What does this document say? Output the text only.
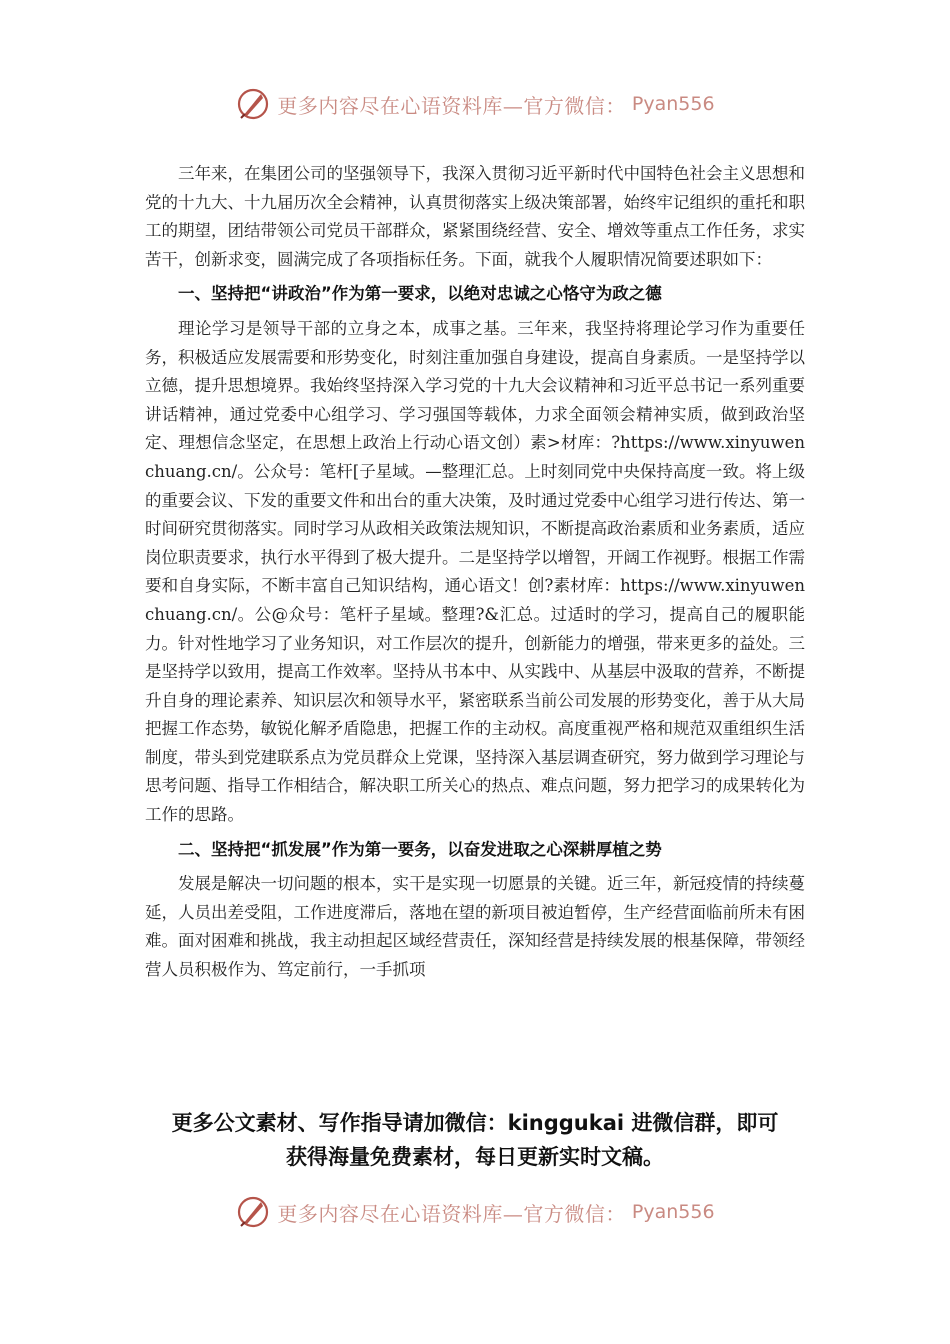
更多内容尽在心语资料库—官方微信： Pyan556

三年来，在集团公司的坚强领导下，我深入贯彻习近平新时代中国特色社会主义思想和党的十九大、十九届历次全会精神，认真贯彻落实上级决策部署，始终牢记组织的重托和职工的期望，团结带领公司党员干部群众，紧紧围绕经营、安全、增效等重点工作任务，求实苦干，创新求变，圆满完成了各项指标任务。下面，就我个人履职情况简要述职如下：

一、坚持把“讲政治”作为第一要求，以绝对忠诚之心恪守为政之德

理论学习是领导干部的立身之本，成事之基。三年来，我坚持将理论学习作为重要任务，积极适应发展需要和形势变化，时刻注重加强自身建设，提高自身素质。一是坚持学以立德，提升思想境界。我始终坚持深入学习党的十九大会议精神和习近平总书记一系列重要讲话精神，通过党委中心组学习、学习强国等载体，力求全面领会精神实质，做到政治坚定、理想信念坚定，在思想上政治上行动心语文创）素>材库：?https://www.xinyuwenchuang.cn/。公众号：笔杆[子星域。—整理汇总。上时刻同党中央保持高度一致。将上级的重要会议、下发的重要文件和出台的重大决策，及时通过党委中心组学习进行传达、第一时间研究贯彻落实。同时学习从政相关政策法规知识，不断提高政治素质和业务素质，适应岗位职责要求，执行水平得到了极大提升。二是坚持学以增智，开阔工作视野。根据工作需要和自身实际，不断丰富自己知识结构，通心语文！创?素材库：https://www.xinyuwenchuang.cn/。公@众号：笔杆子星域。整理?&汇总。过适时的学习，提高自己的履职能力。针对性地学习了业务知识，对工作层次的提升，创新能力的增强，带来更多的益处。三是坚持学以致用，提高工作效率。坚持从书本中、从实践中、从基层中汲取的营养，不断提升自身的理论素养、知识层次和领导水平，紧密联系当前公司发展的形势变化，善于从大局把握工作态势，敏锐化解矛盾隐患，把握工作的主动权。高度重视严格和规范双重组织生活制度，带头到党建联系点为党员群众上党课，坚持深入基层调查研究，努力做到学习理论与思考问题、指导工作相结合，解决职工所关心的热点、难点问题，努力把学习的成果转化为工作的思路。

二、坚持把“抓发展”作为第一要务，以奋发进取之心深耕厚植之势

发展是解决一切问题的根本，实干是实现一切愿景的关键。近三年，新冠疫情的持续蔓延，人员出差受阻，工作进度滞后，落地在望的新项目被迫暂停，生产经营面临前所未有困难。面对困难和挑战，我主动担起区域经营责任，深知经营是持续发展的根基保障，带领经营人员积极作为、笃定前行，一手抓项

更多公文素材、写作指导请加微信：kinggukai 进微信群，即可
获得海量免费素材，每日更新实时文稿。
更多内容尽在心语资料库—官方微信： Pyan556
